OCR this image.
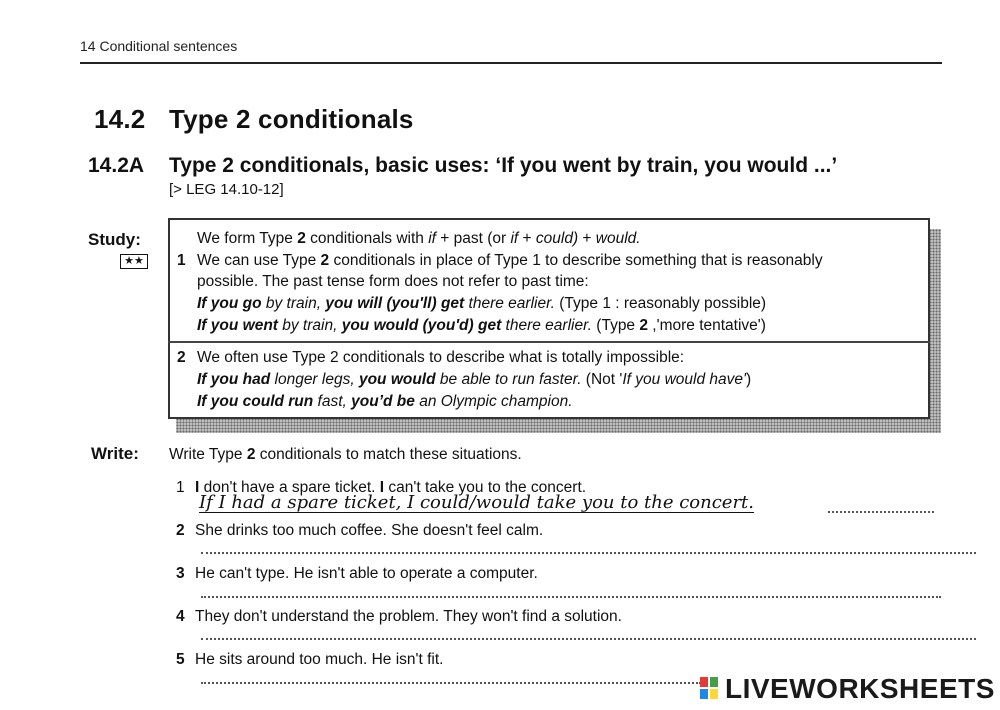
14 Conditional sentences
14.2 Type 2 conditionals
14.2A Type 2 conditionals, basic uses: ‘If you went by train, you would ...’
[> LEG 14.10-12]
Study:
★★
We form Type 2 conditionals with if + past (or if + could) + would.
1 We can use Type 2 conditionals in place of Type 1 to describe something that is reasonably
possible. The past tense form does not refer to past time:
If you go by train, you will (you'll) get there earlier. (Type 1 : reasonably possible)
If you went by train, you would (you'd) get there earlier. (Type 2 ,'more tentative')
2 We often use Type 2 conditionals to describe what is totally impossible:
If you had longer legs, you would be able to run faster. (Not 'If you would have')
If you could run fast, you’d be an Olympic champion.
Write: Write Type 2 conditionals to match these situations.
1 I don't have a spare ticket. I can't take you to the concert.
If I had a spare ticket, I could/would take you to the concert.
2 She drinks too much coffee. She doesn't feel calm.
3 He can't type. He isn't able to operate a computer.
4 They don't understand the problem. They won't find a solution.
5 He sits around too much. He isn't fit.
LIVEWORKSHEETS
